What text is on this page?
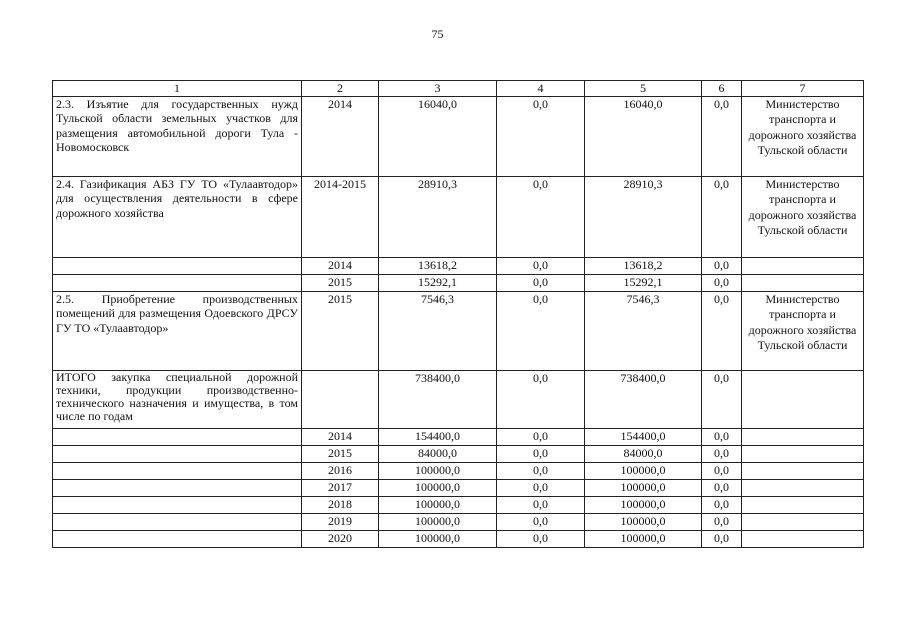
75
1	2	3	4	5	6	7
2.3. Изъятие для государственных нужд Тульской области земельных участков для размещения автомобильной дороги Тула - Новомосковск	2014	16040,0	0,0	16040,0	0,0	Министерство транспорта и дорожного хозяйства Тульской области
2.4. Газификация АБЗ ГУ ТО «Тулаавтодор» для осуществления деятельности в сфере дорожного хозяйства	2014-2015	28910,3	0,0	28910,3	0,0	Министерство транспорта и дорожного хозяйства Тульской области
	2014	13618,2	0,0	13618,2	0,0	
	2015	15292,1	0,0	15292,1	0,0	
2.5. Приобретение производственных помещений для размещения Одоевского ДРСУ ГУ ТО «Тулаавтодор»	2015	7546,3	0,0	7546,3	0,0	Министерство транспорта и дорожного хозяйства Тульской области
ИТОГО закупка специальной дорожной техники, продукции производственно-технического назначения и имущества, в том числе по годам		738400,0	0,0	738400,0	0,0	
	2014	154400,0	0,0	154400,0	0,0	
	2015	84000,0	0,0	84000,0	0,0	
	2016	100000,0	0,0	100000,0	0,0	
	2017	100000,0	0,0	100000,0	0,0	
	2018	100000,0	0,0	100000,0	0,0	
	2019	100000,0	0,0	100000,0	0,0	
	2020	100000,0	0,0	100000,0	0,0	
